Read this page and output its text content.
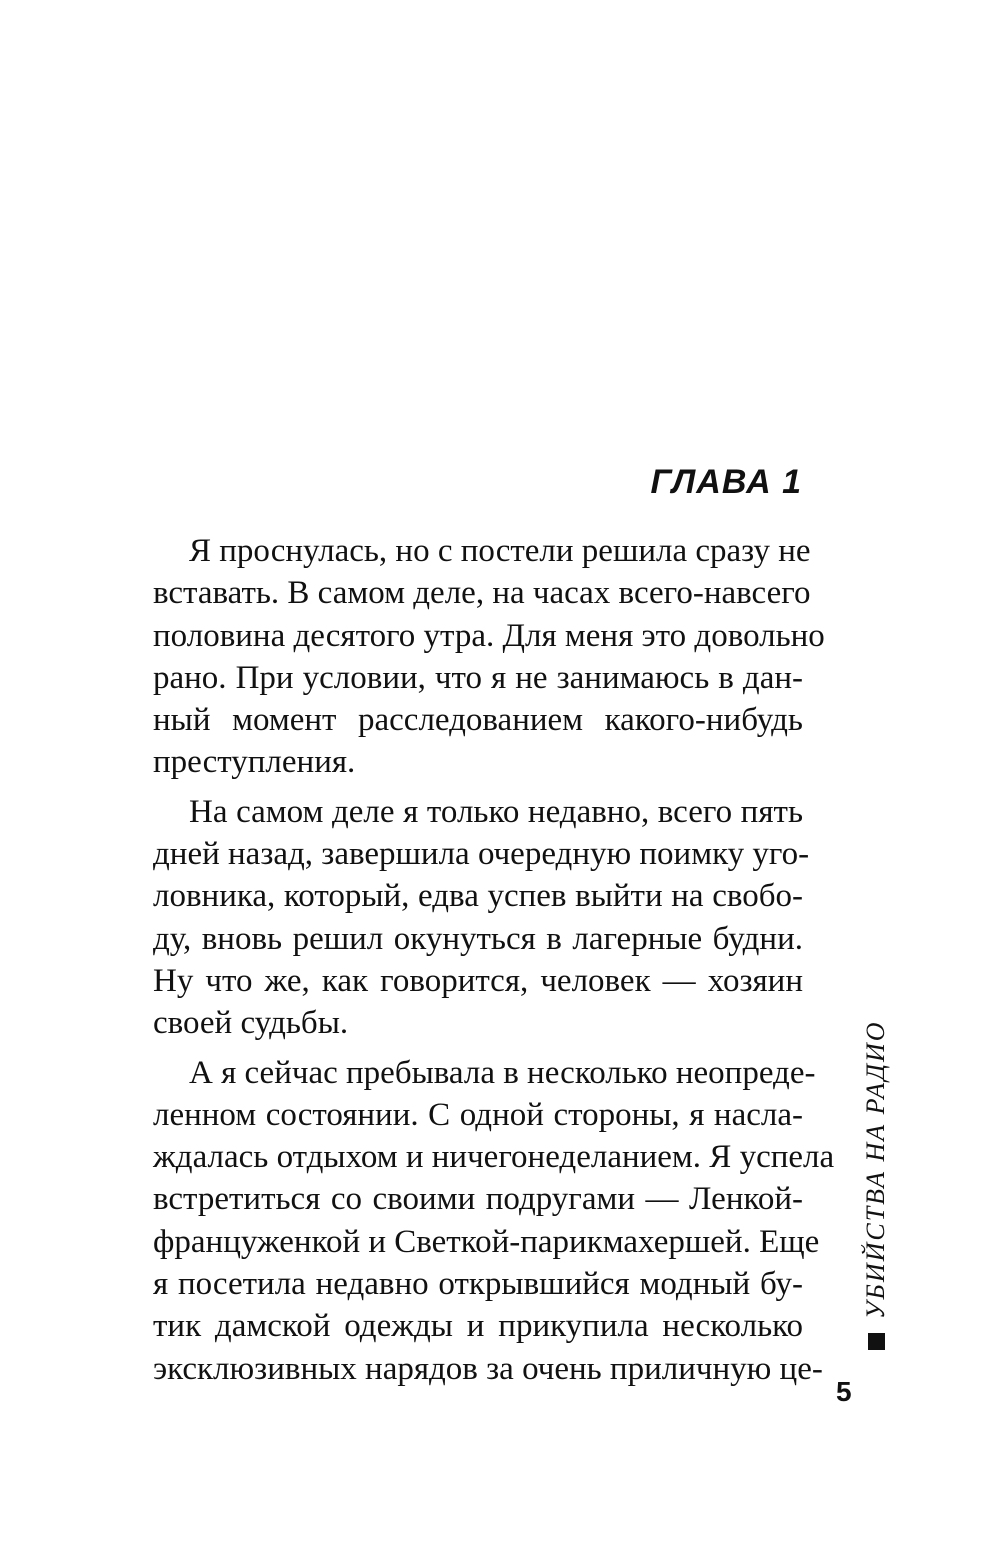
ГЛАВА 1

Я проснулась, но с постели решила сразу не
вставать. В самом деле, на часах всего-навсего
половина десятого утра. Для меня это довольно
рано. При условии, что я не занимаюсь в дан-
ный момент расследованием какого-нибудь
преступления.

На самом деле я только недавно, всего пять
дней назад, завершила очередную поимку уго-
ловника, который, едва успев выйти на свобо-
ду, вновь решил окунуться в лагерные будни.
Ну что же, как говорится, человек — хозяин
своей судьбы.

А я сейчас пребывала в несколько неопреде-
ленном состоянии. С одной стороны, я насла-
ждалась отдыхом и ничегонеделанием. Я успела
встретиться со своими подругами — Ленкой-
француженкой и Светкой-парикмахершей. Еще
я посетила недавно открывшийся модный бу-
тик дамской одежды и прикупила несколько
эксклюзивных нарядов за очень приличную це-

УБИЙСТВА НА РАДИО
5
